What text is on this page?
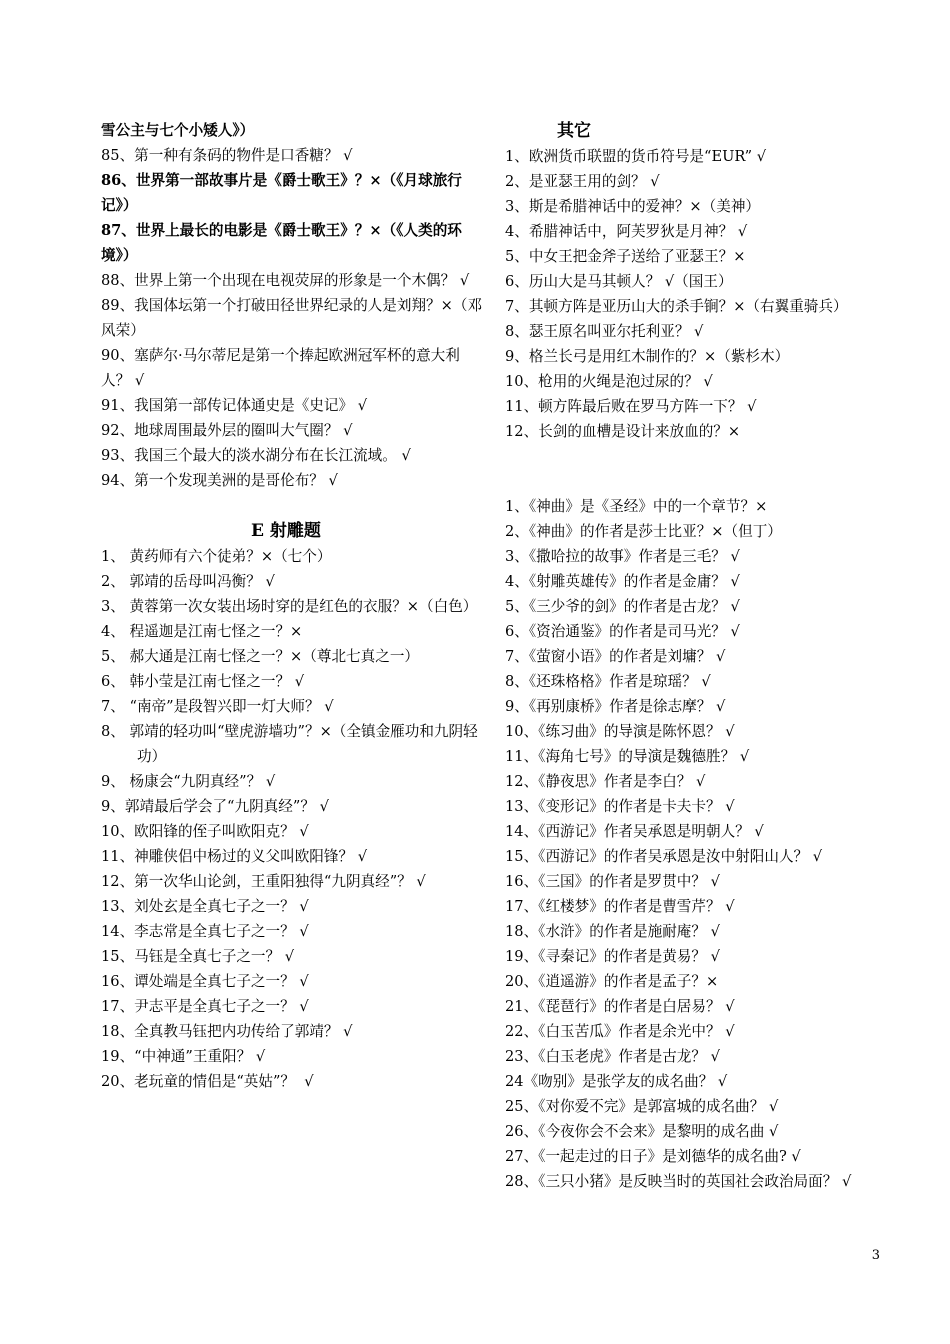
雪公主与七个小矮人》）
85、第一种有条码的物件是口香糖？ √
86、世界第一部故事片是《爵士歌王》？×（《月球旅行记》）
87、世界上最长的电影是《爵士歌王》？×（《人类的环境》）
88、世界上第一个出现在电视荧屏的形象是一个木偶？ √
89、我国体坛第一个打破田径世界纪录的人是刘翔？×（邓风荣）
90、塞萨尔·马尔蒂尼是第一个捧起欧洲冠军杯的意大利人？ √
91、我国第一部传记体通史是《史记》 √
92、地球周围最外层的圈叫大气圈？ √
93、我国三个最大的淡水湖分布在长江流域。 √
94、第一个发现美洲的是哥伦布？ √
E 射雕题
1、 黄药师有六个徒弟？×（七个）
2、 郭靖的岳母叫冯衡？ √
3、 黄蓉第一次女装出场时穿的是红色的衣服？×（白色）
4、 程遥迦是江南七怪之一？×
5、 郝大通是江南七怪之一？×（尊北七真之一）
6、 韩小莹是江南七怪之一？ √
7、 “南帝”是段智兴即一灯大师？ √
8、 郭靖的轻功叫“壁虎游墙功”？×（全镇金雁功和九阴轻功）
9、 杨康会“九阴真经”？ √
9、郭靖最后学会了“九阴真经”？ √
10、欧阳锋的侄子叫欧阳克？ √
11、神雕侠侣中杨过的义父叫欧阳锋？ √
12、第一次华山论剑，王重阳独得“九阴真经”？ √
13、刘处玄是全真七子之一？ √
14、李志常是全真七子之一？ √
15、马钰是全真七子之一？ √
16、谭处端是全真七子之一？ √
17、尹志平是全真七子之一？ √
18、全真教马钰把内功传给了郭靖？ √
19、“中神通”王重阳？ √
20、老玩童的情侣是“英姑”？  √
其它
1、欧洲货币联盟的货币符号是“EUR” √
2、是亚瑟王用的剑？ √
3、斯是希腊神话中的爱神？×（美神）
4、希腊神话中，阿芙罗狄是月神？ √
5、中女王把金斧子送给了亚瑟王？×
6、历山大是马其顿人？ √（国王）
7、其顿方阵是亚历山大的杀手锏？×（右翼重骑兵）
8、瑟王原名叫亚尔托利亚？ √
9、格兰长弓是用红木制作的？×（紫杉木）
10、枪用的火绳是泡过尿的？ √
11、顿方阵最后败在罗马方阵一下？ √
12、长剑的血槽是设计来放血的？×
1、《神曲》是《圣经》中的一个章节？×
2、《神曲》的作者是莎士比亚？×（但丁）
3、《撒哈拉的故事》作者是三毛？ √
4、《射雕英雄传》的作者是金庸？ √
5、《三少爷的剑》的作者是古龙？ √
6、《资治通鉴》的作者是司马光？ √
7、《萤窗小语》的作者是刘墉？ √
8、《还珠格格》作者是琼瑶？ √
9、《再别康桥》作者是徐志摩？ √
10、《练习曲》的导演是陈怀恩？ √
11、《海角七号》的导演是魏德胜？ √
12、《静夜思》作者是李白？ √
13、《变形记》的作者是卡夫卡？ √
14、《西游记》作者吴承恩是明朝人？ √
15、《西游记》的作者吴承恩是汝中射阳山人？ √
16、《三国》的作者是罗贯中？ √
17、《红楼梦》的作者是曹雪芹？ √
18、《水浒》的作者是施耐庵？ √
19、《寻秦记》的作者是黄易？ √
20、《逍遥游》的作者是孟子？×
21、《琵琶行》的作者是白居易？ √
22、《白玉苦瓜》作者是余光中？ √
23、《白玉老虎》作者是古龙？ √
24《吻别》是张学友的成名曲？ √
25、《对你爱不完》是郭富城的成名曲？ √
26、《今夜你会不会来》是黎明的成名曲 √
27、《一起走过的日子》是刘德华的成名曲? √
28、《三只小猪》是反映当时的英国社会政治局面？ √
3
